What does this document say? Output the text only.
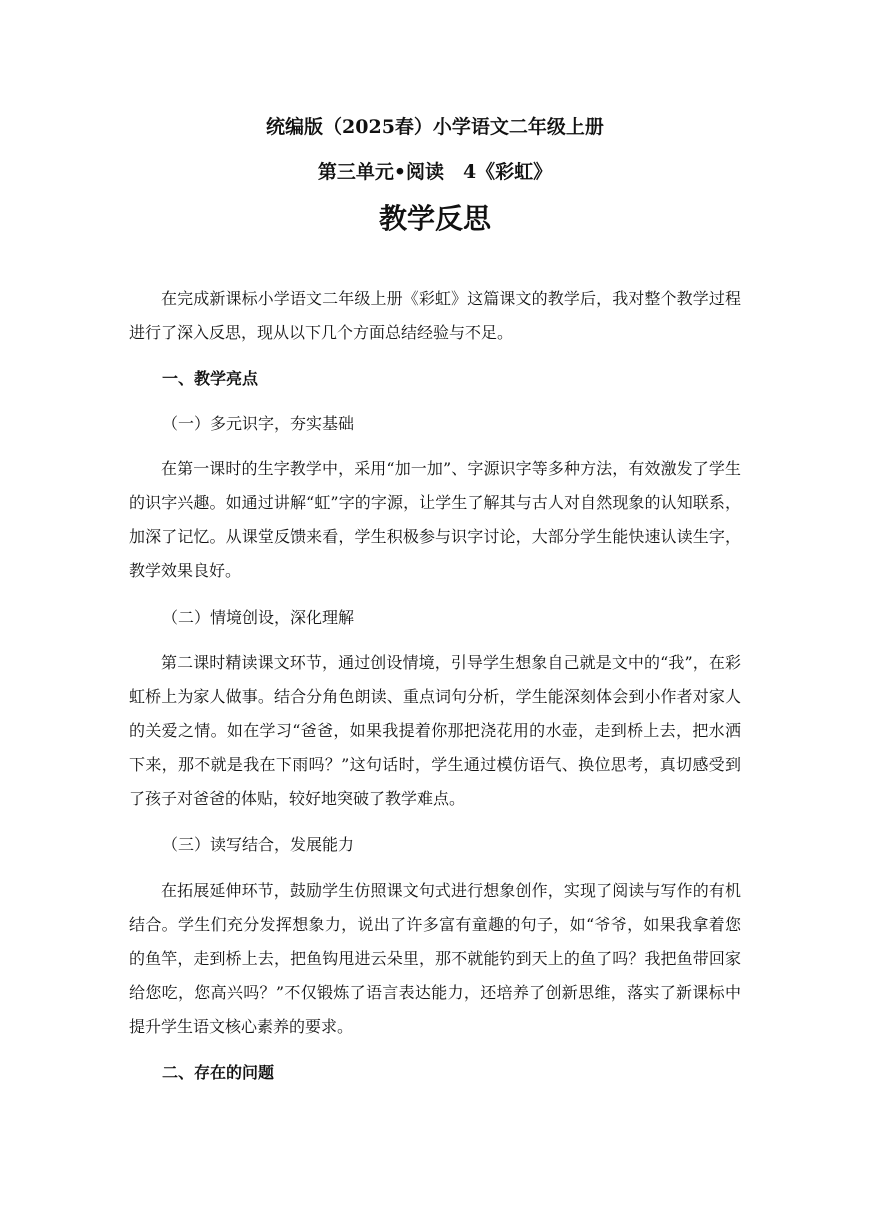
统编版（2025春）小学语文二年级上册
第三单元•阅读　4《彩虹》
教学反思

在完成新课标小学语文二年级上册《彩虹》这篇课文的教学后，我对整个教学过程进行了深入反思，现从以下几个方面总结经验与不足。

一、教学亮点
（一）多元识字，夯实基础

在第一课时的生字教学中，采用“加一加”、字源识字等多种方法，有效激发了学生的识字兴趣。如通过讲解“虹”字的字源，让学生了解其与古人对自然现象的认知联系，加深了记忆。从课堂反馈来看，学生积极参与识字讨论，大部分学生能快速认读生字，教学效果良好。

（二）情境创设，深化理解

第二课时精读课文环节，通过创设情境，引导学生想象自己就是文中的“我”，在彩虹桥上为家人做事。结合分角色朗读、重点词句分析，学生能深刻体会到小作者对家人的关爱之情。如在学习“爸爸，如果我提着你那把浇花用的水壶，走到桥上去，把水洒下来，那不就是我在下雨吗？”这句话时，学生通过模仿语气、换位思考，真切感受到了孩子对爸爸的体贴，较好地突破了教学难点。

（三）读写结合，发展能力

在拓展延伸环节，鼓励学生仿照课文句式进行想象创作，实现了阅读与写作的有机结合。学生们充分发挥想象力，说出了许多富有童趣的句子，如“爷爷，如果我拿着您的鱼竿，走到桥上去，把鱼钩甩进云朵里，那不就能钓到天上的鱼了吗？我把鱼带回家给您吃，您高兴吗？”不仅锻炼了语言表达能力，还培养了创新思维，落实了新课标中提升学生语文核心素养的要求。

二、存在的问题
